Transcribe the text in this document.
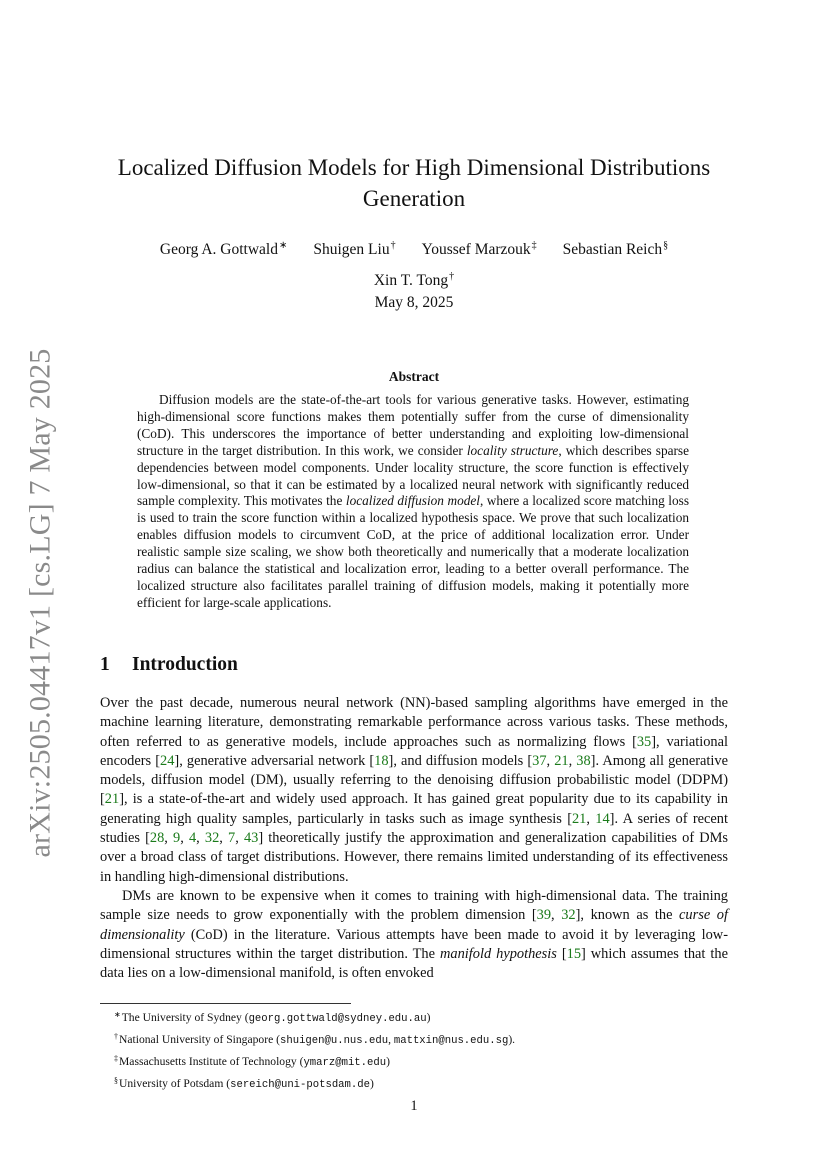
arXiv:2505.04417v1 [cs.LG] 7 May 2025
Localized Diffusion Models for High Dimensional Distributions Generation
Georg A. Gottwald∗ Shuigen Liu† Youssef Marzouk‡ Sebastian Reich§
Xin T. Tong†
May 8, 2025
Abstract

Diffusion models are the state-of-the-art tools for various generative tasks. However, estimating high-dimensional score functions makes them potentially suffer from the curse of dimensionality (CoD). This underscores the importance of better understanding and exploiting low-dimensional structure in the target distribution. In this work, we consider locality structure, which describes sparse dependencies between model components. Under locality structure, the score function is effectively low-dimensional, so that it can be estimated by a localized neural network with significantly reduced sample complexity. This motivates the localized diffusion model, where a localized score matching loss is used to train the score function within a localized hypothesis space. We prove that such localization enables diffusion models to circumvent CoD, at the price of additional localization error. Under realistic sample size scaling, we show both theoretically and numerically that a moderate localization radius can balance the statistical and localization error, leading to a better overall performance. The localized structure also facilitates parallel training of diffusion models, making it potentially more efficient for large-scale applications.

1 Introduction

Over the past decade, numerous neural network (NN)-based sampling algorithms have emerged in the machine learning literature, demonstrating remarkable performance across various tasks. These methods, often referred to as generative models, include approaches such as normalizing flows [35], variational encoders [24], generative adversarial network [18], and diffusion models [37, 21, 38]. Among all generative models, diffusion model (DM), usually referring to the denoising diffusion probabilistic model (DDPM) [21], is a state-of-the-art and widely used approach. It has gained great popularity due to its capability in generating high quality samples, particularly in tasks such as image synthesis [21, 14]. A series of recent studies [28, 9, 4, 32, 7, 43] theoretically justify the approximation and generalization capabilities of DMs over a broad class of target distributions. However, there remains limited understanding of its effectiveness in handling high-dimensional distributions.

DMs are known to be expensive when it comes to training with high-dimensional data. The training sample size needs to grow exponentially with the problem dimension [39, 32], known as the curse of dimensionality (CoD) in the literature. Various attempts have been made to avoid it by leveraging low-dimensional structures within the target distribution. The manifold hypothesis [15] which assumes that the data lies on a low-dimensional manifold, is often envoked

∗The University of Sydney (georg.gottwald@sydney.edu.au)
†National University of Singapore (shuigen@u.nus.edu, mattxin@nus.edu.sg).
‡Massachusetts Institute of Technology (ymarz@mit.edu)
§University of Potsdam (sereich@uni-potsdam.de)
1
